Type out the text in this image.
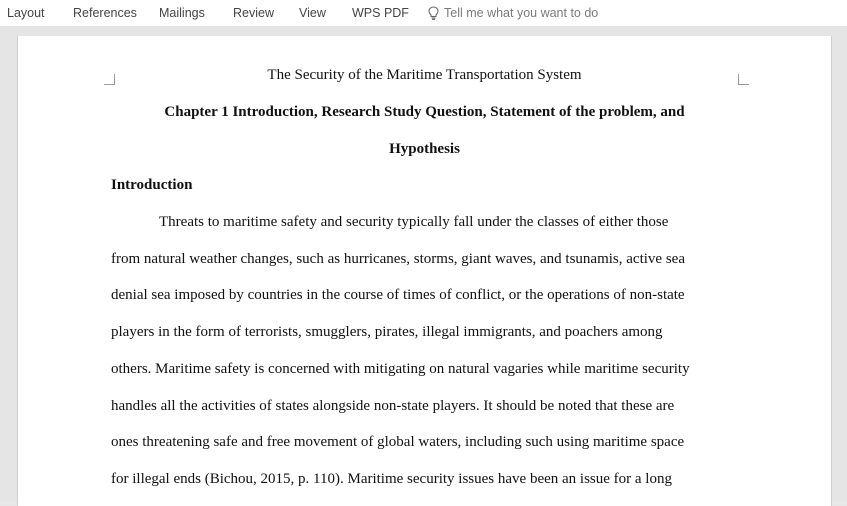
Layout References Mailings Review View WPS PDF	Tell me what you want to do
The Security of the Maritime Transportation System
Chapter 1 Introduction, Research Study Question, Statement of the problem, and
Hypothesis
Introduction
Threats to maritime safety and security typically fall under the classes of either those
from natural weather changes, such as hurricanes, storms, giant waves, and tsunamis, active sea
denial sea imposed by countries in the course of times of conflict, or the operations of non-state
players in the form of terrorists, smugglers, pirates, illegal immigrants, and poachers among
others. Maritime safety is concerned with mitigating on natural vagaries while maritime security
handles all the activities of states alongside non-state players. It should be noted that these are
ones threatening safe and free movement of global waters, including such using maritime space
for illegal ends (Bichou, 2015, p. 110). Maritime security issues have been an issue for a long
